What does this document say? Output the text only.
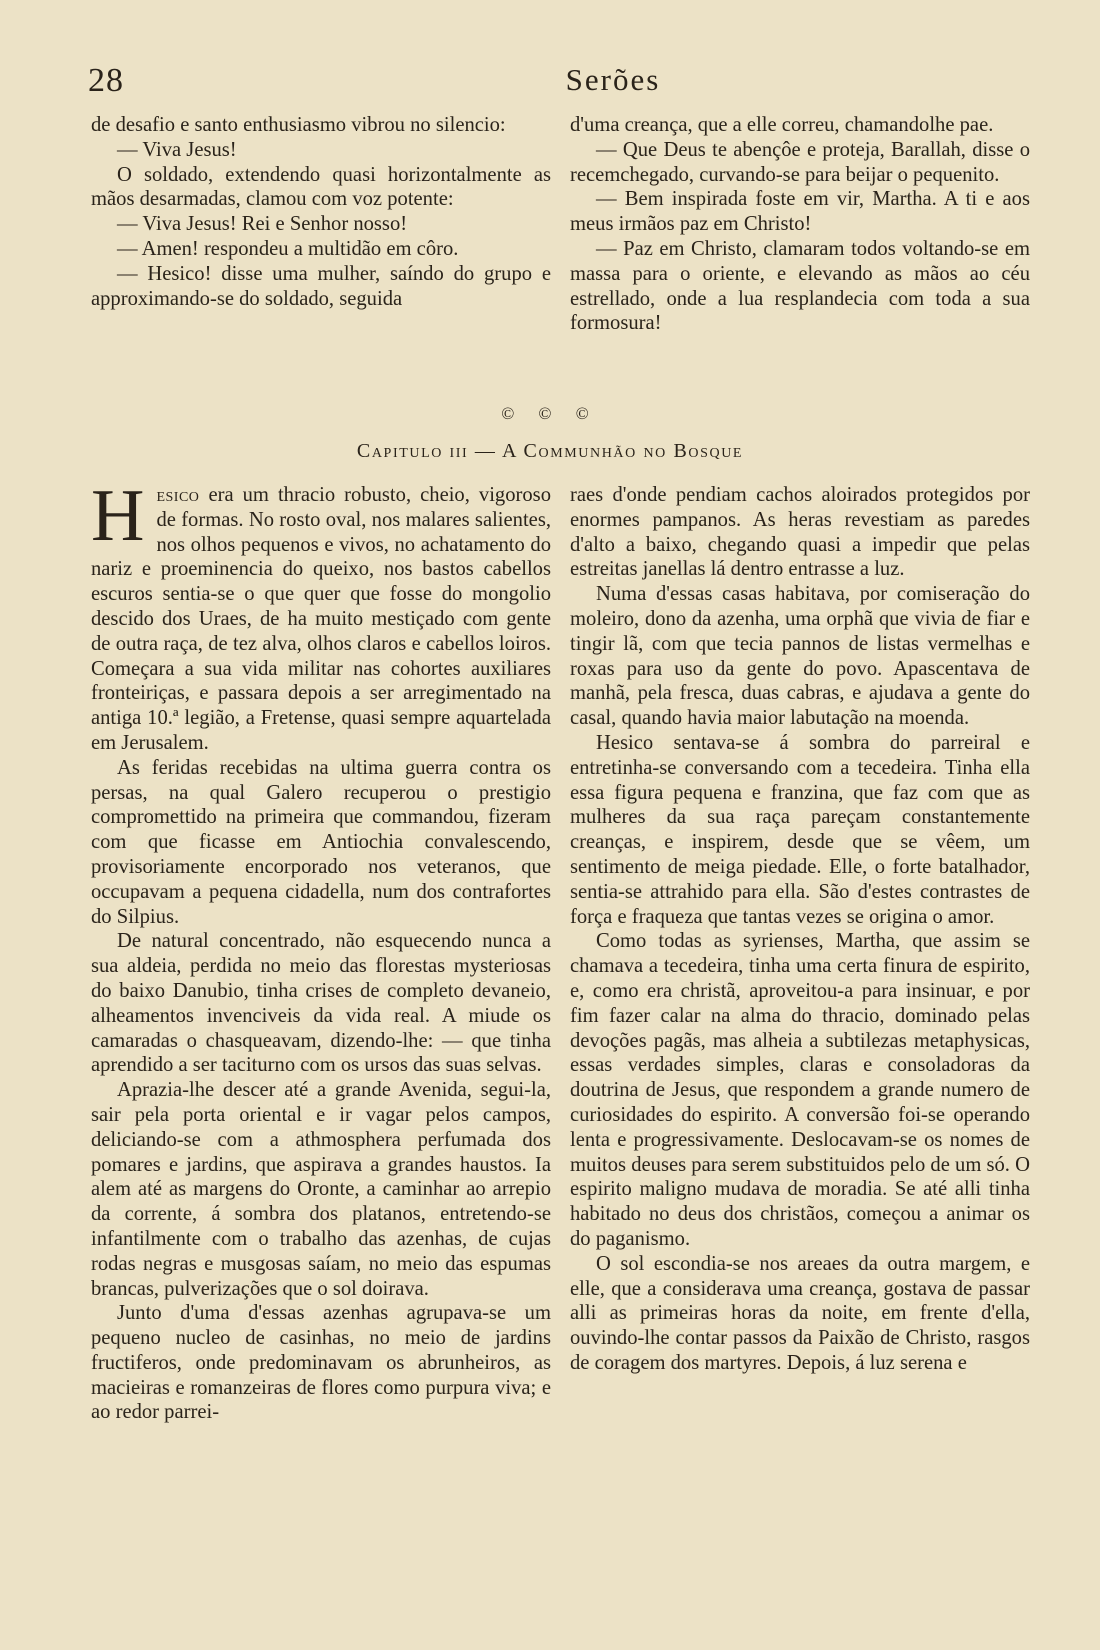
28	Serões

de desafio e santo enthusiasmo vibrou no silencio:

— Viva Jesus!

O soldado, extendendo quasi horizontalmente as mãos desarmadas, clamou com voz potente:

— Viva Jesus! Rei e Senhor nosso!

— Amen! respondeu a multidão em côro.

— Hesico! disse uma mulher, saíndo do grupo e approximando-se do soldado, seguida

d'uma creança, que a elle correu, chamandolhe pae.

— Que Deus te abençôe e proteja, Barallah, disse o recemchegado, curvando-se para beijar o pequenito.

— Bem inspirada foste em vir, Martha. A ti e aos meus irmãos paz em Christo!

— Paz em Christo, clamaram todos voltando-se em massa para o oriente, e elevando as mãos ao céu estrellado, onde a lua resplandecia com toda a sua formosura!

© © ©
Capitulo iii — A Communhão no Bosque

Hesico era um thracio robusto, cheio, vigoroso de formas. No rosto oval, nos malares salientes, nos olhos pequenos e vivos, no achatamento do nariz e proeminencia do queixo, nos bastos cabellos escuros sentia-se o que quer que fosse do mongolio descido dos Uraes, de ha muito mestiçado com gente de outra raça, de tez alva, olhos claros e cabellos loiros. Começara a sua vida militar nas cohortes auxiliares fronteiriças, e passara depois a ser arregimentado na antiga 10.ª legião, a Fretense, quasi sempre aquartelada em Jerusalem.

As feridas recebidas na ultima guerra contra os persas, na qual Galero recuperou o prestigio compromettido na primeira que commandou, fizeram com que ficasse em Antiochia convalescendo, provisoriamente encorporado nos veteranos, que occupavam a pequena cidadella, num dos contrafortes do Silpius.

De natural concentrado, não esquecendo nunca a sua aldeia, perdida no meio das florestas mysteriosas do baixo Danubio, tinha crises de completo devaneio, alheamentos invenciveis da vida real. A miude os camaradas o chasqueavam, dizendo-lhe: — que tinha aprendido a ser taciturno com os ursos das suas selvas.

Aprazia-lhe descer até a grande Avenida, segui-la, sair pela porta oriental e ir vagar pelos campos, deliciando-se com a athmosphera perfumada dos pomares e jardins, que aspirava a grandes haustos. Ia alem até as margens do Oronte, a caminhar ao arrepio da corrente, á sombra dos platanos, entretendo-se infantilmente com o trabalho das azenhas, de cujas rodas negras e musgosas saíam, no meio das espumas brancas, pulverizações que o sol doirava.

Junto d'uma d'essas azenhas agrupava-se um pequeno nucleo de casinhas, no meio de jardins fructiferos, onde predominavam os abrunheiros, as macieiras e romanzeiras de flores como purpura viva; e ao redor parrei-

raes d'onde pendiam cachos aloirados protegidos por enormes pampanos. As heras revestiam as paredes d'alto a baixo, chegando quasi a impedir que pelas estreitas janellas lá dentro entrasse a luz.

Numa d'essas casas habitava, por comiseração do moleiro, dono da azenha, uma orphã que vivia de fiar e tingir lã, com que tecia pannos de listas vermelhas e roxas para uso da gente do povo. Apascentava de manhã, pela fresca, duas cabras, e ajudava a gente do casal, quando havia maior labutação na moenda.

Hesico sentava-se á sombra do parreiral e entretinha-se conversando com a tecedeira. Tinha ella essa figura pequena e franzina, que faz com que as mulheres da sua raça pareçam constantemente creanças, e inspirem, desde que se vêem, um sentimento de meiga piedade. Elle, o forte batalhador, sentia-se attrahido para ella. São d'estes contrastes de força e fraqueza que tantas vezes se origina o amor.

Como todas as syrienses, Martha, que assim se chamava a tecedeira, tinha uma certa finura de espirito, e, como era christã, aproveitou-a para insinuar, e por fim fazer calar na alma do thracio, dominado pelas devoções pagãs, mas alheia a subtilezas metaphysicas, essas verdades simples, claras e consoladoras da doutrina de Jesus, que respondem a grande numero de curiosidades do espirito. A conversão foi-se operando lenta e progressivamente. Deslocavam-se os nomes de muitos deuses para serem substituidos pelo de um só. O espirito maligno mudava de moradia. Se até alli tinha habitado no deus dos christãos, começou a animar os do paganismo.

O sol escondia-se nos areaes da outra margem, e elle, que a considerava uma creança, gostava de passar alli as primeiras horas da noite, em frente d'ella, ouvindo-lhe contar passos da Paixão de Christo, rasgos de coragem dos martyres. Depois, á luz serena e
